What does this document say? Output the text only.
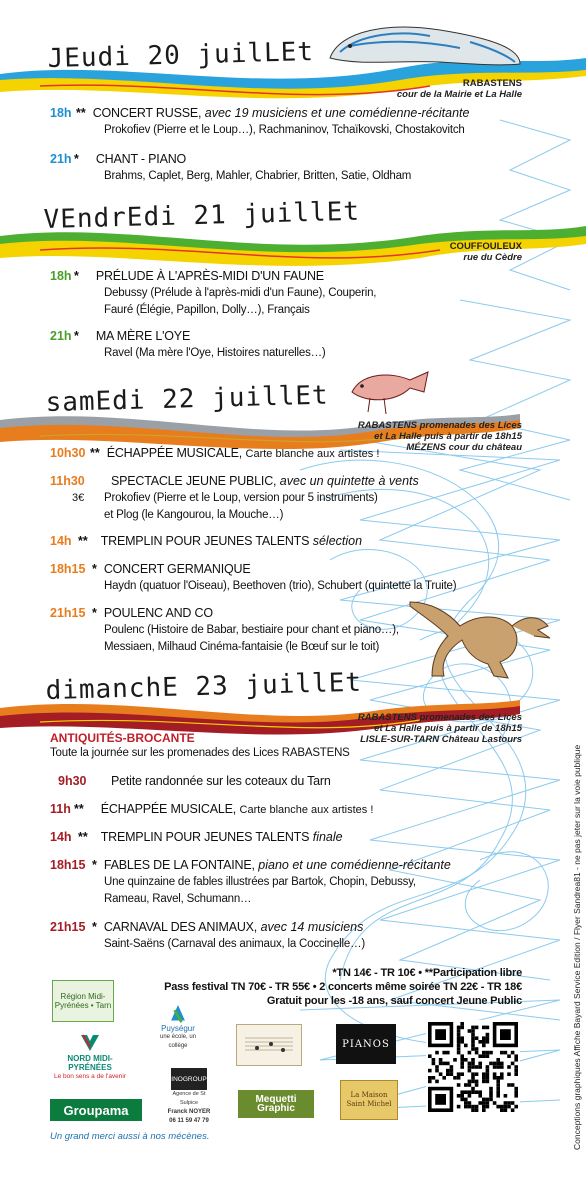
JEudi 20 juilLEt
RABASTENS
cour de la Mairie et La Halle
18h ** CONCERT RUSSE, avec 19 musiciens et une comédienne-récitante
Prokofiev (Pierre et le Loup…), Rachmaninov, Tchaïkovski, Chostakovitch
21h * CHANT - PIANO
Brahms, Caplet, Berg, Mahler, Chabrier, Britten, Satie, Oldham
VEndrEdi 21 juillEt
COUFFOULEUX
rue du Cèdre
18h * PRÉLUDE À L'APRÈS-MIDI D'UN FAUNE
Debussy (Prélude à l'après-midi d'un Faune), Couperin,
Fauré (Élégie, Papillon, Dolly…), Français
21h * MA MÈRE L'OYE
Ravel (Ma mère l'Oye, Histoires naturelles…)
samEdi 22 juillEt
RABASTENS promenades des Lices
et La Halle puis à partir de 18h15
MÉZENS cour du château
10h30 ** ÉCHAPPÉE MUSICALE, Carte blanche aux artistes !
11h30 SPECTACLE JEUNE PUBLIC, avec un quintette à vents
Prokofiev (Pierre et le Loup, version pour 5 instruments)
et Plog (le Kangourou, la Mouche…)
3€
14h ** TREMPLIN POUR JEUNES TALENTS sélection
18h15 * CONCERT GERMANIQUE
Haydn (quatuor l'Oiseau), Beethoven (trio), Schubert (quintette la Truite)
21h15 * POULENC AND CO
Poulenc (Histoire de Babar, bestiaire pour chant et piano…),
Messiaen, Milhaud Cinéma-fantaisie (le Bœuf sur le toit)
dimanchE 23 juillEt
RABASTENS promenades des Lices
et La Halle puis à partir de 18h15
LISLE-SUR-TARN Château Lastours
ANTIQUITÉS-BROCANTE
Toute la journée sur les promenades des Lices RABASTENS
9h30 Petite randonnée sur les coteaux du Tarn
11h ** ÉCHAPPÉE MUSICALE, Carte blanche aux artistes !
14h ** TREMPLIN POUR JEUNES TALENTS finale
18h15 * FABLES DE LA FONTAINE, piano et une comédienne-récitante
Une quinzaine de fables illustrées par Bartok, Chopin, Debussy,
Rameau, Ravel, Schumann…
21h15 * CARNAVAL DES ANIMAUX, avec 14 musiciens
Saint-Saëns (Carnaval des animaux, la Coccinelle…)
*TN 14€ - TR 10€ • **Participation libre
Pass festival TN 70€ - TR 55€ • 2 concerts même soirée TN 22€ - TR 18€
Gratuit pour les -18 ans, sauf concert Jeune Public	Conceptions graphiques Affiche Bayard Service Edition / Flyer Sandrea81 - ne pas jeter sur la voie publique
Région Midi-Pyrénées • Tarn
NORD MIDI-PYRÉNÉES
Le bon sens a de l'avenir
Groupama
Puységur
une école, un collège
INOGROUP
Agence de St Sulpice
Franck NOYER
06 11 59 47 79
PIANOS
Mequetti Graphic
La Maison Saint Michel
Un grand merci aussi à nos mécènes.
